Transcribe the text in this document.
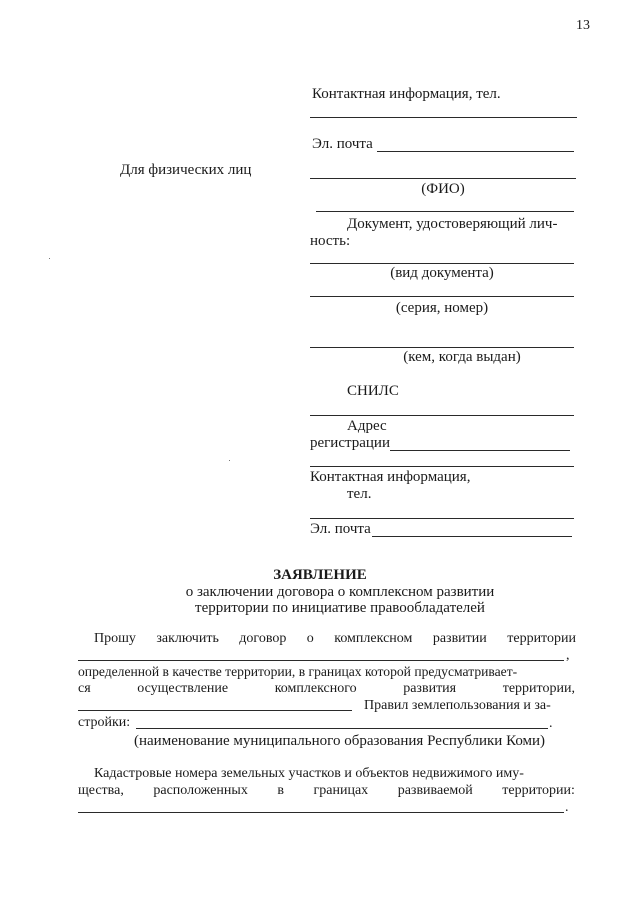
13
Контактная информация, тел.
Эл. почта
Для физических лиц
(ФИО)
Документ, удостоверяющий лич-
ность:
(вид документа)
(серия, номер)
(кем, когда выдан)
СНИЛС
Адрес
регистрации
Контактная информация,
тел.
Эл. почта
ЗАЯВЛЕНИЕ
о заключении договора о комплексном развитии
территории по инициативе правообладателей
Прошу заключить договор о комплексном развитии территории
,
определенной в качестве территории, в границах которой предусматривает-
ся	осуществление	комплексного	развития	территории,
Правил землепользования и за-
стройки:	.
(наименование муниципального образования Республики Коми)
Кадастровые номера земельных участков и объектов недвижимого иму-
щества, расположенных в границах развиваемой территории:
.
